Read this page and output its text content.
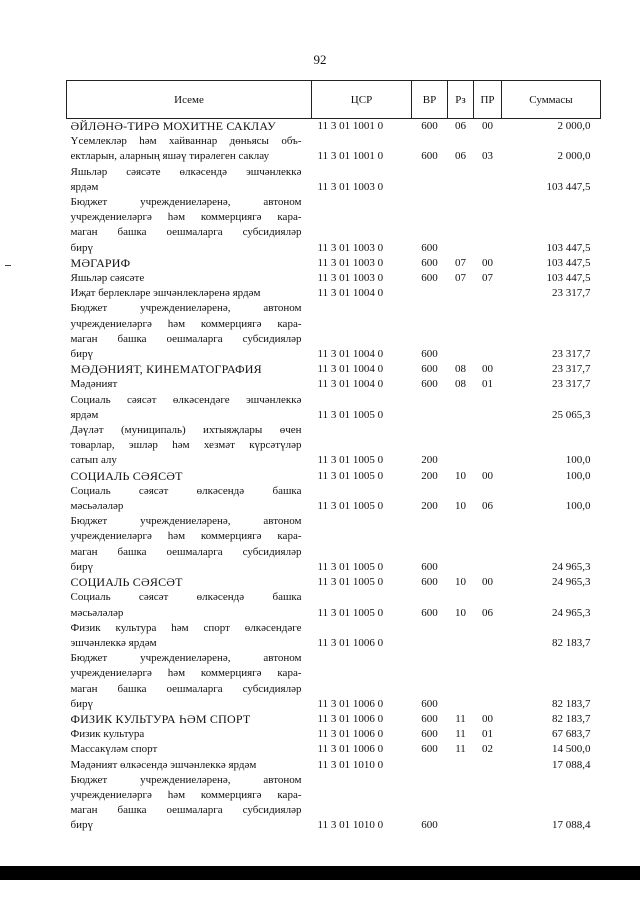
92
Исеме	ЦСР	ВР	Рз	ПР	Суммасы

ӘЙЛӘНӘ-ТИРӘ МОХИТНЕ САКЛАУ	11 3 01 1001 0	600	06	00	2 000,0

Үсемлекләр һәм хайваннар дөньясы объ-
ектларын, аларның яшәү тирәлеген саклау	11 3 01 1001 0	600	06	03	2 000,0

Яшьләр сәясәте өлкәсендә эшчәнлеккә
ярдәм	11 3 01 1003 0				103 447,5

Бюджет учреждениеләренә, автоном
учреждениеләргә һәм коммерциягә кара-
маган башка оешмаларга субсидияләр
бирү	11 3 01 1003 0	600			103 447,5

МӘГАРИФ	11 3 01 1003 0	600	07	00	103 447,5

Яшьләр сәясәте	11 3 01 1003 0	600	07	07	103 447,5

Иҗат берлекләре эшчәнлекләренә ярдәм	11 3 01 1004 0				23 317,7

Бюджет учреждениеләренә, автоном
учреждениеләргә һәм коммерциягә кара-
маган башка оешмаларга субсидияләр
бирү	11 3 01 1004 0	600			23 317,7

МӘДӘНИЯТ, КИНЕМАТОГРАФИЯ	11 3 01 1004 0	600	08	00	23 317,7

Мәдәният	11 3 01 1004 0	600	08	01	23 317,7

Социаль сәясәт өлкәсендәге эшчәнлеккә
ярдәм	11 3 01 1005 0				25 065,3

Дәүләт (муниципаль) ихтыяҗлары өчен
товарлар, эшләр һәм хезмәт күрсәтүләр
сатып алу	11 3 01 1005 0	200			100,0

СОЦИАЛЬ СӘЯСӘТ	11 3 01 1005 0	200	10	00	100,0

Социаль сәясәт өлкәсендә башка
мәсьәләләр	11 3 01 1005 0	200	10	06	100,0

Бюджет учреждениеләренә, автоном
учреждениеләргә һәм коммерциягә кара-
маган башка оешмаларга субсидияләр
бирү	11 3 01 1005 0	600			24 965,3

СОЦИАЛЬ СӘЯСӘТ	11 3 01 1005 0	600	10	00	24 965,3

Социаль сәясәт өлкәсендә башка
мәсьәләләр	11 3 01 1005 0	600	10	06	24 965,3

Физик культура һәм спорт өлкәсендәге
эшчәнлеккә ярдәм	11 3 01 1006 0				82 183,7

Бюджет учреждениеләренә, автоном
учреждениеләргә һәм коммерциягә кара-
маган башка оешмаларга субсидияләр
бирү	11 3 01 1006 0	600			82 183,7

ФИЗИК КУЛЬТУРА ҺӘМ СПОРТ	11 3 01 1006 0	600	11	00	82 183,7

Физик культура	11 3 01 1006 0	600	11	01	67 683,7

Массакүләм спорт	11 3 01 1006 0	600	11	02	14 500,0

Мәдәният өлкәсендә эшчәнлеккә ярдәм	11 3 01 1010 0				17 088,4

Бюджет учреждениеләренә, автоном
учреждениеләргә һәм коммерциягә кара-
маган башка оешмаларга субсидияләр
бирү	11 3 01 1010 0	600			17 088,4
